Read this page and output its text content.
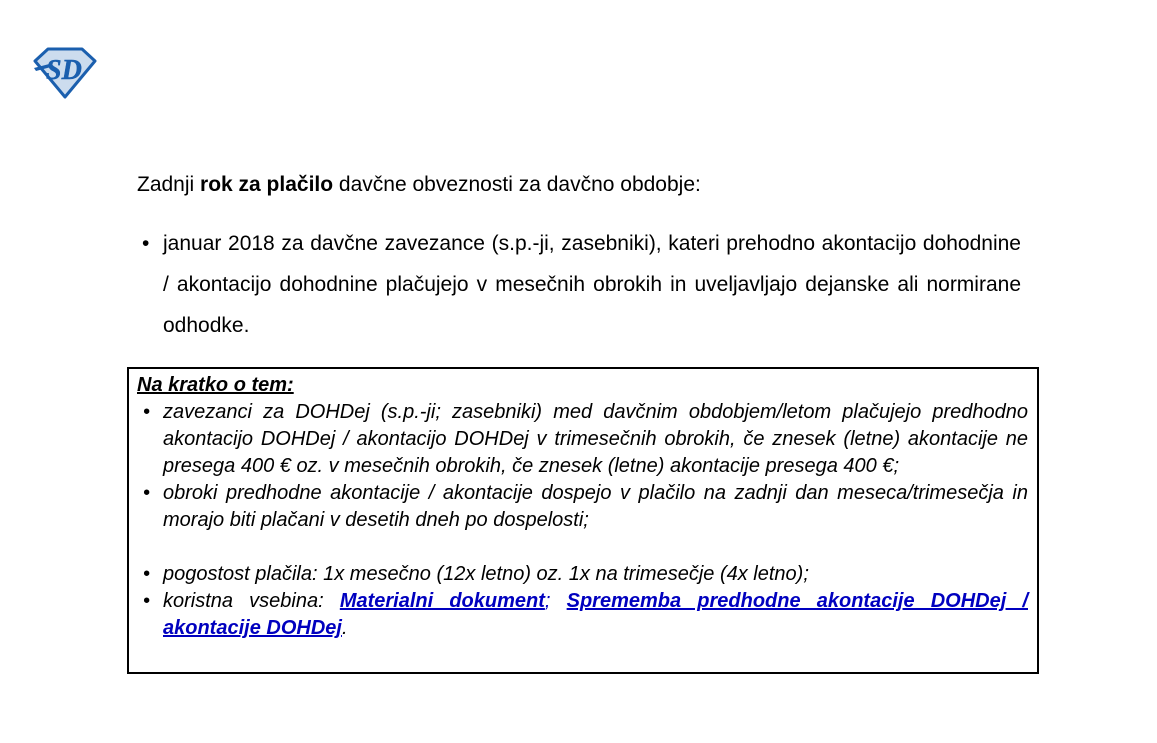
SD

Zadnji rok za plačilo davčne obveznosti za davčno obdobje:

• januar 2018 za davčne zavezance (s.p.-ji, zasebniki), kateri prehodno akontacijo dohodnine / akontacijo dohodnine plačujejo v mesečnih obrokih in uveljavljajo dejanske ali normirane odhodke.

Na kratko o tem:

• zavezanci za DOHDej (s.p.-ji; zasebniki) med davčnim obdobjem/letom plačujejo predhodno akontacijo DOHDej / akontacijo DOHDej v trimesečnih obrokih, če znesek (letne) akontacije ne presega 400 € oz. v mesečnih obrokih, če znesek (letne) akontacije presega 400 €;
• obroki predhodne akontacije / akontacije dospejo v plačilo na zadnji dan meseca/trimesečja in morajo biti plačani v desetih dneh po dospelosti;
• pogostost plačila: 1x mesečno (12x letno) oz. 1x na trimesečje (4x letno);
• koristna vsebina: Materialni dokument; Sprememba predhodne akontacije DOHDej / akontacije DOHDej.
